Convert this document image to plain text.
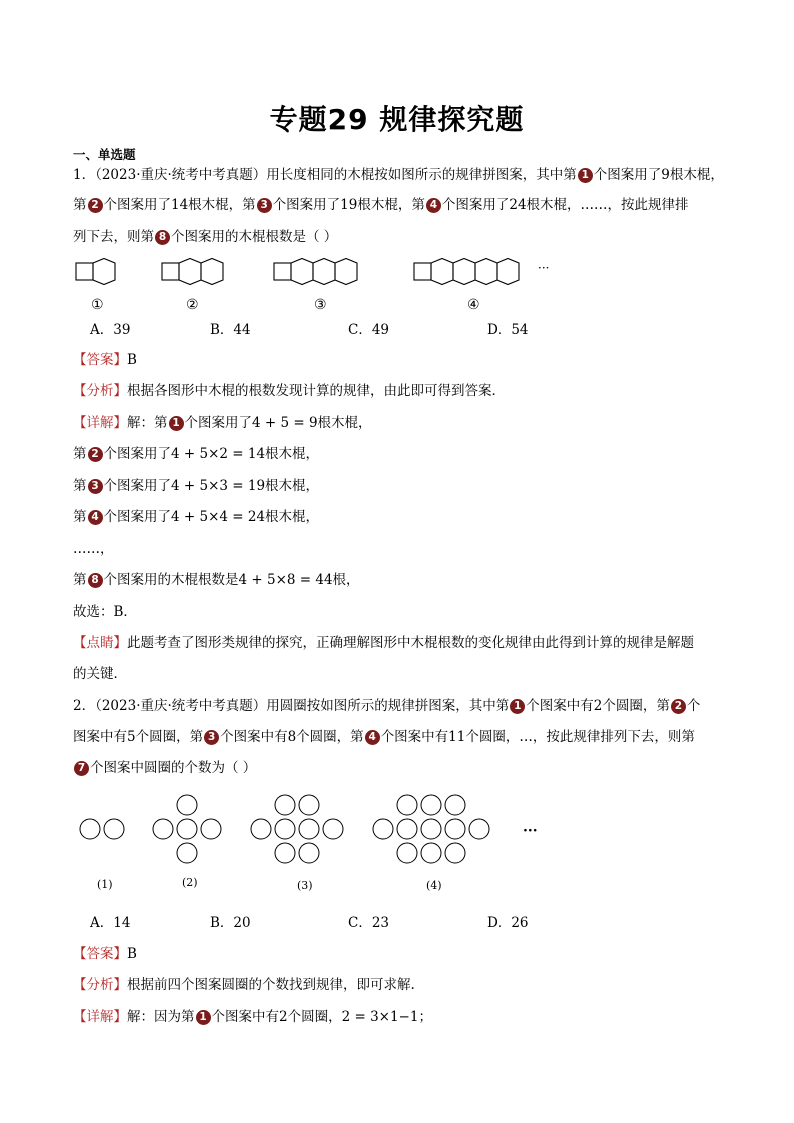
专题29 规律探究题
一、单选题
1．（2023·重庆·统考中考真题）用长度相同的木棍按如图所示的规律拼图案，其中第 1 个图案用了9根木棍，
第 2 个图案用了14根木棍，第 3 个图案用了19根木棍，第 4 个图案用了24根木棍，……，按此规律排
列下去，则第 8 个图案用的木棍根数是（ ）
···
①	②	③	④
A．39	B．44	C．49	D．54
【答案】B
【分析】根据各图形中木棍的根数发现计算的规律，由此即可得到答案．
【详解】解：第 1 个图案用了4 + 5 = 9根木棍，
第 2 个图案用了4 + 5×2 = 14根木棍，
第 3 个图案用了4 + 5×3 = 19根木棍，
第 4 个图案用了4 + 5×4 = 24根木棍，
……，
第 8 个图案用的木棍根数是4 + 5×8 = 44根，
故选：B．
【点睛】此题考查了图形类规律的探究，正确理解图形中木棍根数的变化规律由此得到计算的规律是解题
的关键．
2．（2023·重庆·统考中考真题）用圆圈按如图所示的规律拼图案，其中第 1 个图案中有2个圆圈，第 2 个
图案中有5个圆圈，第 3 个图案中有8个圆圈，第 4 个图案中有11个圆圈，…，按此规律排列下去，则第
7 个图案中圆圈的个数为（ ）
···
(1)	(2)	(3)	(4)
A．14	B．20	C．23	D．26
【答案】B
【分析】根据前四个图案圆圈的个数找到规律，即可求解.
【详解】解：因为第 1 个图案中有2个圆圈，2 = 3×1−1；
